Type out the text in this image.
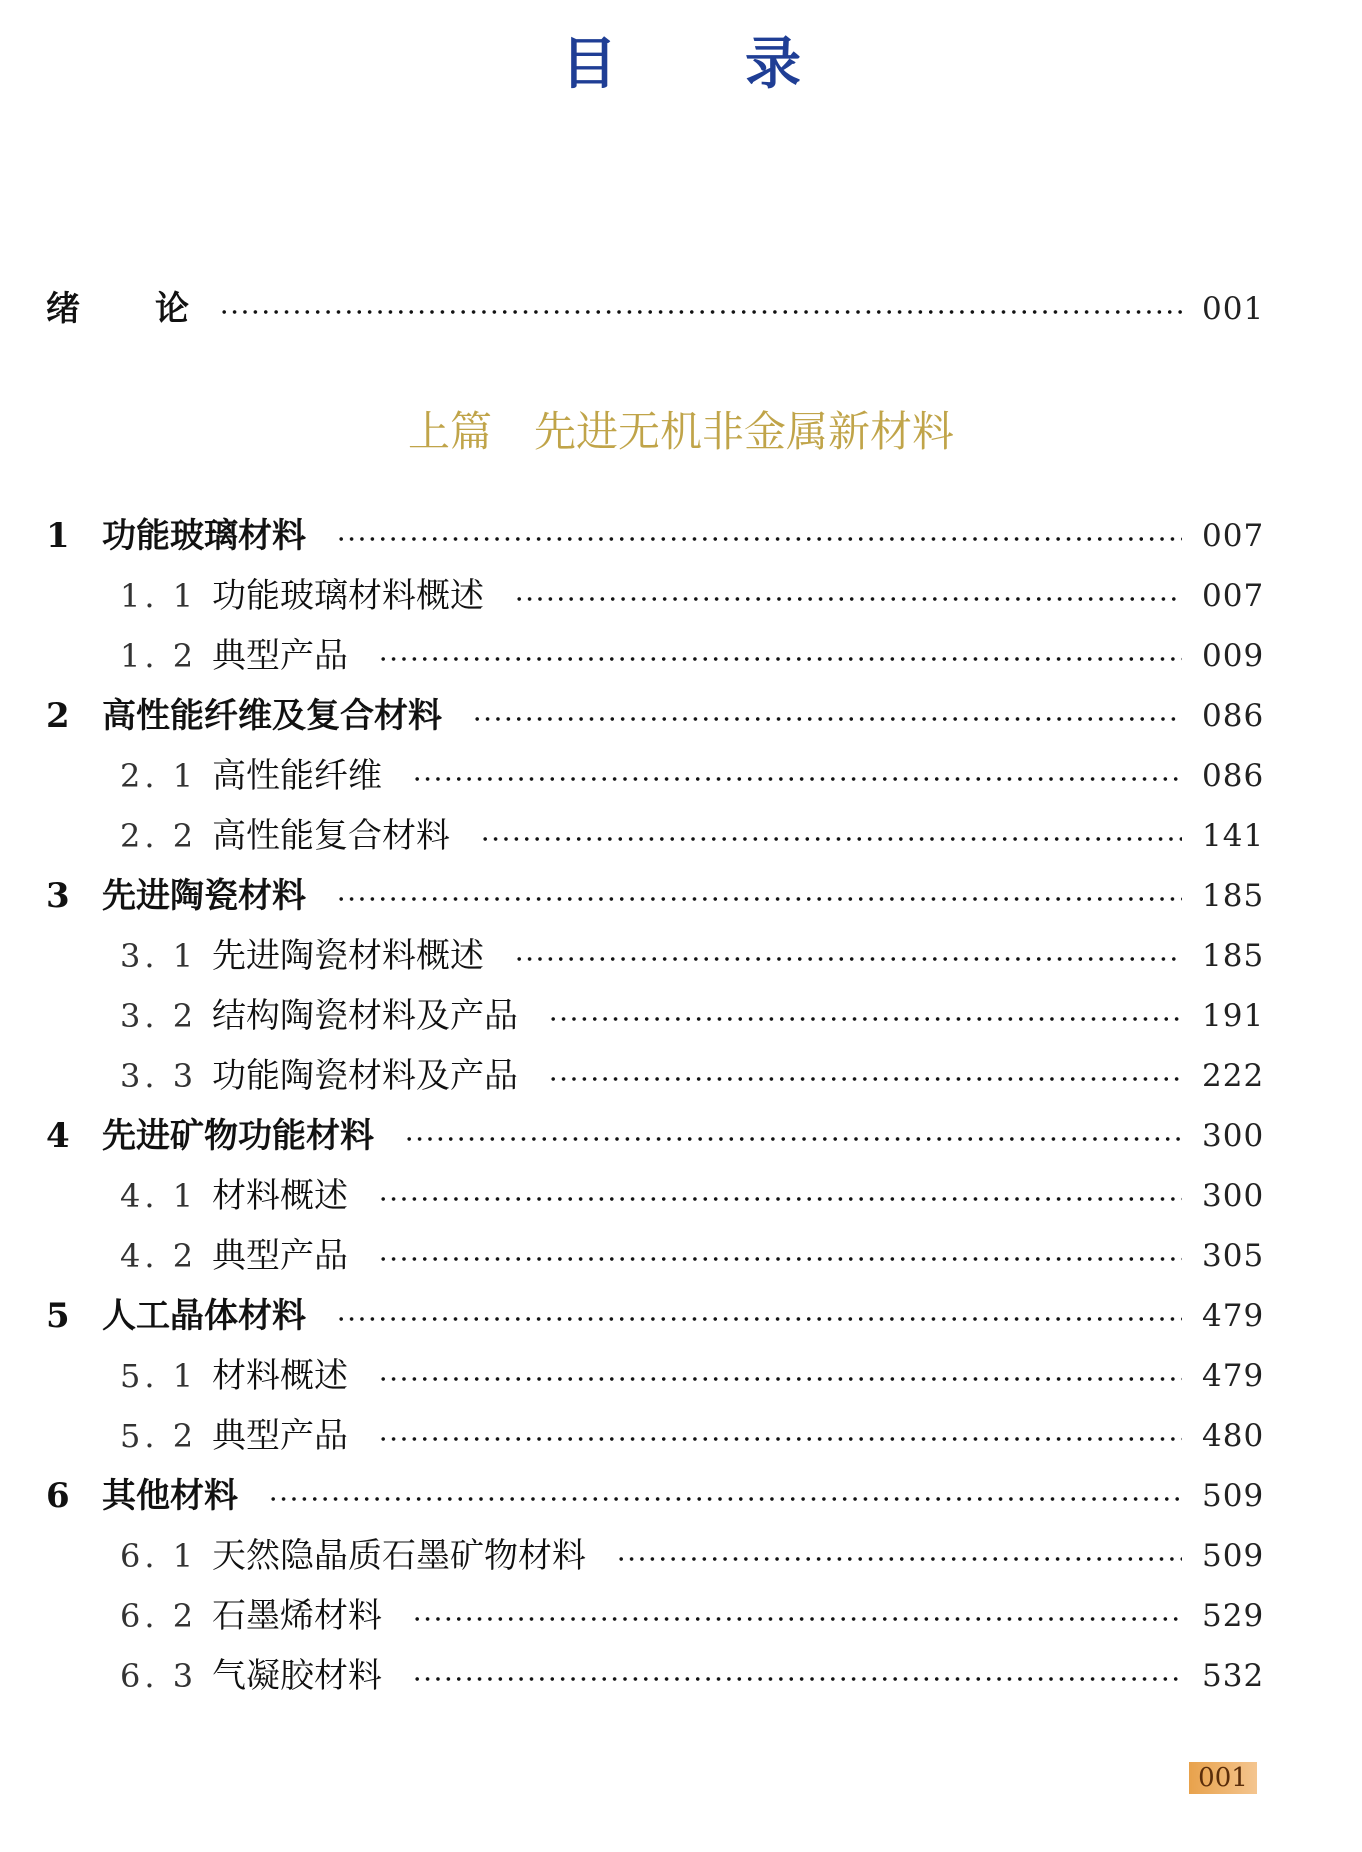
目 录
绪 论	001
上篇 先进无机非金属新材料
1 功能玻璃材料	007
1. 1 功能玻璃材料概述	007
1. 2 典型产品	009
2 高性能纤维及复合材料	086
2. 1 高性能纤维	086
2. 2 高性能复合材料	141
3 先进陶瓷材料	185
3. 1 先进陶瓷材料概述	185
3. 2 结构陶瓷材料及产品	191
3. 3 功能陶瓷材料及产品	222
4 先进矿物功能材料	300
4. 1 材料概述	300
4. 2 典型产品	305
5 人工晶体材料	479
5. 1 材料概述	479
5. 2 典型产品	480
6 其他材料	509
6. 1 天然隐晶质石墨矿物材料	509
6. 2 石墨烯材料	529
6. 3 气凝胶材料	532
001
